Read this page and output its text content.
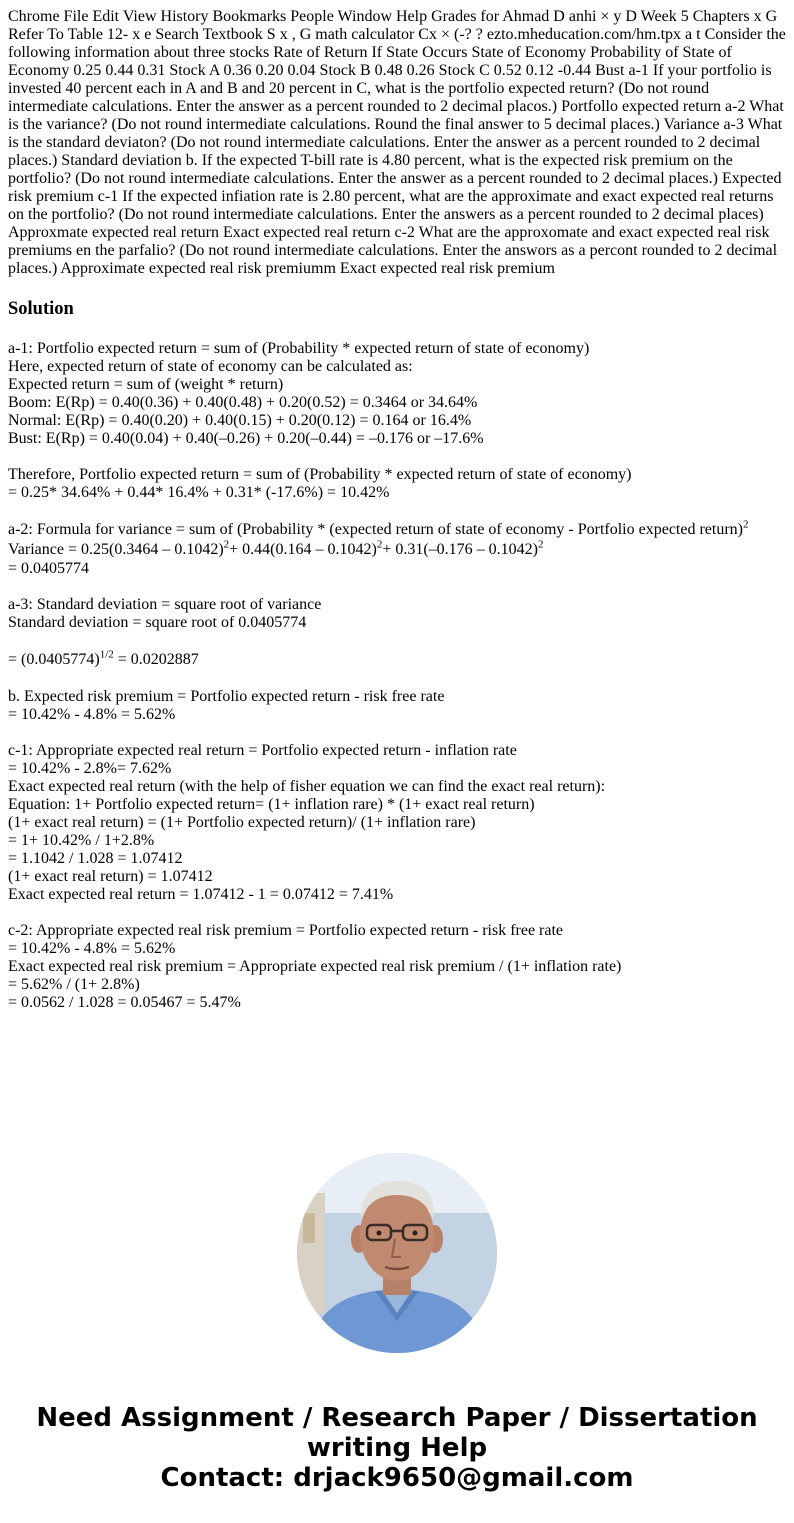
Chrome File Edit View History Bookmarks People Window Help Grades for Ahmad D anhi × y D Week 5 Chapters x G Refer To Table 12- x e Search Textbook S x , G math calculator Cx × (-? ? ezto.mheducation.com/hm.tpx a t Consider the following information about three stocks Rate of Return If State Occurs State of Economy Probability of State of Economy 0.25 0.44 0.31 Stock A 0.36 0.20 0.04 Stock B 0.48 0.26 Stock C 0.52 0.12 -0.44 Bust a-1 If your portfolio is invested 40 percent each in A and B and 20 percent in C, what is the portfolio expected return? (Do not round intermediate calculations. Enter the answer as a percent rounded to 2 decimal placos.) Portfollo expected return a-2 What is the variance? (Do not round intermediate calculations. Round the final answer to 5 decimal places.) Variance a-3 What is the standard deviaton? (Do not round intermediate calculations. Enter the answer as a percent rounded to 2 decimal places.) Standard deviation b. If the expected T-bill rate is 4.80 percent, what is the expected risk premium on the portfolio? (Do not round intermediate calculations. Enter the answer as a percent rounded to 2 decimal places.) Expected risk premium c-1 If the expected infiation rate is 2.80 percent, what are the approximate and exact expected real returns on the portfolio? (Do not round intermediate calculations. Enter the answers as a percent rounded to 2 decimal places) Approxmate expected real return Exact expected real return c-2 What are the approxomate and exact expected real risk premiums en the parfalio? (Do not round intermediate calculations. Enter the answors as a percont rounded to 2 decimal places.) Approximate expected real risk premiumm Exact expected real risk premium

Solution
a-1: Portfolio expected return = sum of (Probability * expected return of state of economy)
Here, expected return of state of economy can be calculated as:
Expected return = sum of (weight * return)
Boom: E(Rp) = 0.40(0.36) + 0.40(0.48) + 0.20(0.52) = 0.3464 or 34.64%
Normal: E(Rp) = 0.40(0.20) + 0.40(0.15) + 0.20(0.12) = 0.164 or 16.4%
Bust: E(Rp) = 0.40(0.04) + 0.40(–0.26) + 0.20(–0.44) = –0.176 or –17.6%
Therefore, Portfolio expected return = sum of (Probability * expected return of state of economy)
= 0.25* 34.64% + 0.44* 16.4% + 0.31* (-17.6%) = 10.42%
a-2: Formula for variance = sum of (Probability * (expected return of state of economy - Portfolio expected return)$^2$
Variance = 0.25(0.3464 – 0.1042)$^2$+ 0.44(0.164 – 0.1042)$^2$+ 0.31(–0.176 – 0.1042)$^2$
= 0.0405774
a-3: Standard deviation = square root of variance
Standard deviation = square root of 0.0405774
= $(0.0405774)^{1/2} = 0.0202887$
b. Expected risk premium = Portfolio expected return - risk free rate
= 10.42% - 4.8% = 5.62%
c-1: Appropriate expected real return = Portfolio expected return - inflation rate
= 10.42% - 2.8%= 7.62%
Exact expected real return (with the help of fisher equation we can find the exact real return):
Equation: 1+ Portfolio expected return= (1+ inflation rare) * (1+ exact real return)
(1+ exact real return) = (1+ Portfolio expected return)/ (1+ inflation rare)
= 1+ 10.42% / 1+2.8%
= 1.1042 / 1.028 = 1.07412
(1+ exact real return) = 1.07412
Exact expected real return = 1.07412 - 1 = 0.07412 = 7.41%
c-2: Appropriate expected real risk premium = Portfolio expected return - risk free rate
= 10.42% - 4.8% = 5.62%
Exact expected real risk premium = Appropriate expected real risk premium / (1+ inflation rate)
= 5.62% / (1+ 2.8%)
= 0.0562 / 1.028 = 0.05467 = 5.47%
Need Assignment / Research Paper / Dissertation
writing Help
Contact: drjack9650@gmail.com
